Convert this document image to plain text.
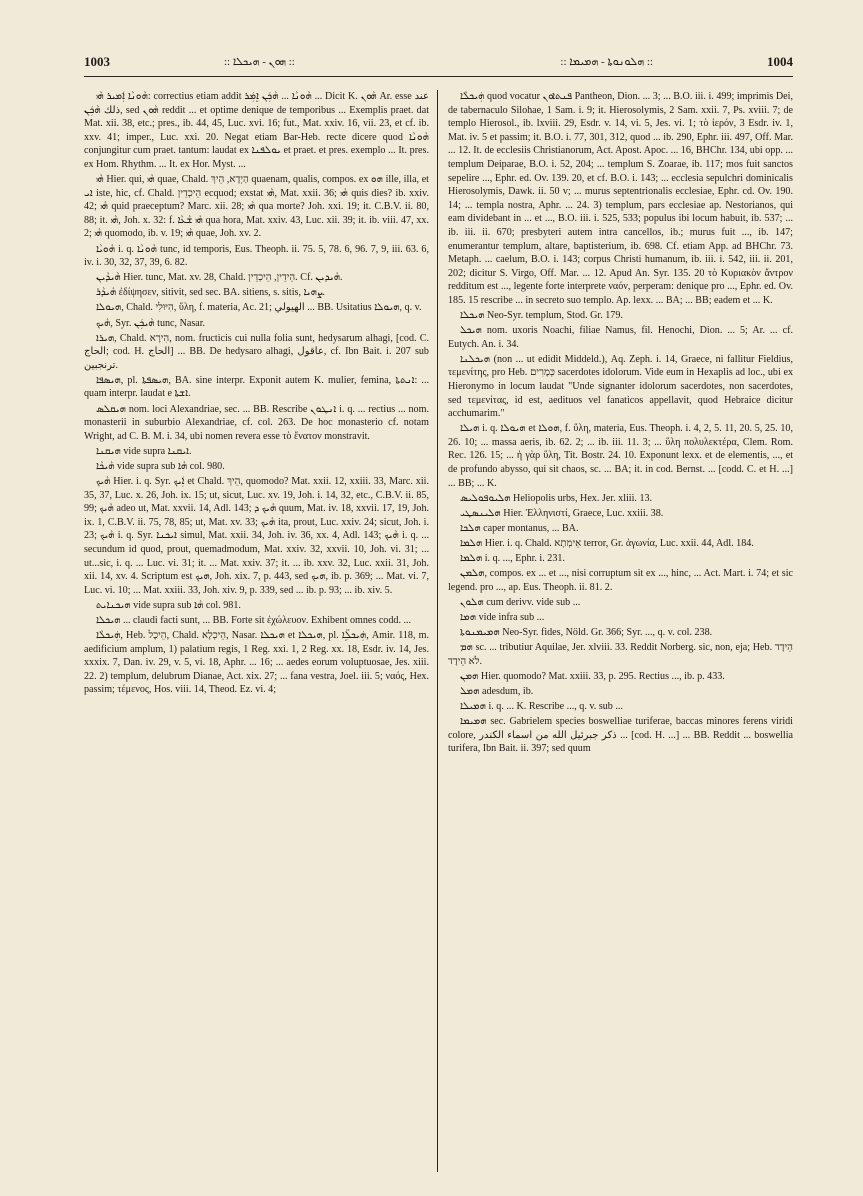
1003	:: ܗܘܢ - ܗܝܟܠܐ ::	:: ܗܠܘܢܘܬܐ - ܗܡܝܡܐ ::	1004

ܗܵܘܢܵܐ ܐܲܡܝܪ ܗܵܝ: correctius etiam addit ܗܵܘܢܵܐ ... ܗܵܟܲܢ ܐܸܡܲܪ ... Dicit K. ܗܵܘܢ Ar. esse عند ذلك ܗܵܟܲܢ, sed ܗܵܘܢ reddit ... et optime denique de temporibus ... Exemplis praet. dat Mat. xii. 38, etc.; pres., ib. 44, 45, Luc. xvi. 16; fut., Mat. xxiv. 16, vii. 23, et cf. ib. xxv. 41; imper., Luc. xxi. 20. Negat etiam Bar-Heb. recte dicere quod ܗܵܘܢܵܐ conjungitur cum praet. tantum: laudat ex ܝܘܠܦܢܐ et praet. et pres. exemplo ... It. pres. ex Hom. Rhythm. ... It. ex Hor. Myst. ...

ܗܵܝ Hier. qui, ܗܵܝ quae, Chald. הַיְדָא, הֵיךְ quaenam, qualis, compos. ex ܗܘ ille, illa, et ܐܝ iste, hic, cf. Chald. הֵיכְדֵין ecquod; exstat ܗܵܝ, Mat. xxii. 36; ܗܵܝ quis dies? ib. xxiv. 42; ܗܵܝ quid praeceptum? Marc. xii. 28; ܗܵܝ qua morte? Joh. xxi. 19; it. C.B.V. ii. 80, 88; it. ܗܵܝ, Joh. x. 32: f. ܗܵܝ ܫܵܥܵܐ qua hora, Mat. xxiv. 43, Luc. xii. 39; it. ib. viii. 47, xx. 2; ܗܵܝ quomodo, ib. v. 19; ܗܵܝ quae, Joh. xv. 2.

ܗܵܘܝܵܐ i. q. ܗܵܘܢܵܐ tunc, id temporis, Eus. Theoph. ii. 75. 5, 78. 6, 96. 7, 9, iii. 63. 6, iv. i. 30, 32, 37, 39, 6. 82.

ܗܵܝܕܵܝܢ Hier. tunc, Mat. xv. 28, Chald. הֵידֵין, הֵיכְדֵין. Cf. ܗܵܝܕܝܢ.

ܗܵܝܕܵܪ ἐδίψησεν, sitivit, sed sec. BA. sitiens, s. sitis, ܨܗܝܐ.

ܗܝܘܠܐ, Chald. הִיּוּלִי, ὕλη, f. materia, Ac. 21; الهيولي ... BB. Usitatius ܗܝܘܠܐ, q. v.

ܗܵܝܟ, Syr. ܗܵܝܟܲܢ tunc, Nasar.

ܗܝܪܐ, Chald. הִירָא, nom. fructicis cui nulla folia sunt, hedysarum alhagi, [cod. C. الحاج; cod. H. الحاج] ... BB. De hedysaro alhagi, عاقول, cf. Ibn Bait. i. 207 sub ترنجبين.

ܗܝܣܦܐ, pl. ܗܝܣܦܬܐ, BA. sine interpr. Exponit autem K. mulier, femina, ܐܢܬܬܐ: ... quam interpr. laudat e ܐܫܬܐ.

ܗܝܩܠܣ nom. loci Alexandriae, sec. ... BB. Rescribe ܐܢܛܘܢ i. q. ... rectius ... nom. monasterii in suburbio Alexandriae, cf. col. 263. De hoc monasterio cf. notam Wright, ad C. B. M. i. 34, ubi nomen revera esse τὸ ἔνατον monstravit.

ܗܝܩܢܐ vide supra ܐܝܩܢܐ.

ܗܵܝܟܵܐ vide supra sub ܗܵܐ col. 980.

ܗܵܝܟ Hier. i. q. Syr. ܐܲܝܟ et Chald. הֵיךְ, quomodo? Mat. xxii. 12, xxiii. 33, Marc. xii. 35, 37, Luc. x. 26, Joh. ix. 15; ut, sicut, Luc. xv. 19, Joh. i. 14, 32, etc., C.B.V. ii. 85, 99; ܗܵܝܟ adeo ut, Mat. xxvii. 14, Adl. 143; ܗܵܝܟ ܕ quum, Mat. iv. 18, xxvii. 17, 19, Joh. ix. 1, C.B.V. ii. 75, 78, 85; ut, Mat. xv. 33; ܗܵܝܟ ita, prout, Luc. xxiv. 24; sicut, Joh. i. 23; ܗܵܝܟ i. q. Syr. ܐܝܟܢܐ simul, Mat. xxii. 34, Joh. iv. 36, xx. 4, Adl. 143; ܗܵܝܟ i. q. ... secundum id quod, prout, quemadmodum, Mat. xxiv. 32, xxvii. 10, Joh. vi. 31; ... ut...sic, i. q. ... Luc. vi. 31; it. ... Mat. xxiv. 37; it. ... ib. xxv. 32, Luc. xxii. 31, Joh. xii. 14, xv. 4. Scriptum est ܗܝܟ, Joh. xix. 7, p. 443, sed ܗܝܟ, ib. p. 369; ... Mat. vi. 7, Luc. vi. 10; ... Mat. xxiii. 33, Joh. xiv. 9, p. 339, sed ... ib. p. 93; ... ib. xiv. 5.

ܗܝܟܢܐܝܬ vide supra sub ܗܵܐ col. 981.

ܗܝܟܠܐ ... claudi facti sunt, ... BB. Forte sit ἐχώλευον. Exhibent omnes codd. ...

ܗܲܝܟܠܵܐ, Heb. הֵיכָל, Chald. הֵיכְלָא, Nasar. ܗܝܟܠܐ et ܗܝܟܠܐ, pl. ܗܲܝܟܠܹ̈ܐ, Amir. 118, m. aedificium amplum, 1) palatium regis, 1 Reg. xxi. 1, 2 Reg. xx. 18, Esdr. iv. 14, Jes. xxxix. 7, Dan. iv. 29, v. 5, vi. 18, Aphr. ... 16; ... aedes eorum voluptuosae, Jes. xiii. 22. 2) templum, delubrum Dianae, Act. xix. 27; ... fana vestra, Joel. iii. 5; ναός, Hex. passim; τέμενος, Hos. viii. 14, Theod. Ez. vi. 4;

ܗܲܝܟܠܵܐ quod vocatur ܦܢܬܐܘܢ Pantheon, Dion. ... 3; ... B.O. iii. i. 499; imprimis Dei, de tabernaculo Silohae, 1 Sam. i. 9; it. Hierosolymis, 2 Sam. xxii. 7, Ps. xviii. 7; de templo Hierosol., ib. lxviii. 29, Esdr. v. 14, vi. 5, Jes. vi. 1; τὸ ἱερόν, 3 Esdr. iv. 1, Mat. iv. 5 et passim; it. B.O. i. 77, 301, 312, quod ... ib. 290, Ephr. iii. 497, Off. Mar. ... 12. It. de ecclesiis Christianorum, Act. Apost. Apoc. ... 16, BHChr. 134, ubi opp. ... templum Deiparae, B.O. i. 52, 204; ... templum S. Zoarae, ib. 117; mos fuit sanctos sepelire ..., Ephr. ed. Ov. 139. 20, et cf. B.O. i. 143; ... ecclesia sepulchri dominicalis Hierosolymis, Dawk. ii. 50 v; ... murus septentrionalis ecclesiae, Ephr. cd. Ov. 190. 14; ... templa nostra, Aphr. ... 24. 3) templum, pars ecclesiae ap. Nestorianos, qui eam dividebant in ... et ..., B.O. iii. i. 525, 533; populus ibi locum habuit, ib. 537; ... ib. iii. ii. 670; presbyteri autem intra cancellos, ib.; murus fuit ..., ib. 147; enumerantur templum, altare, baptisterium, ib. 698. Cf. etiam App. ad BHChr. 73. Metaph. ... caelum, B.O. i. 143; corpus Christi humanum, ib. iii. i. 542, iii. ii. 201, 202; dicitur S. Virgo, Off. Mar. ... 12. Apud An. Syr. 135. 20 τὸ Κυριακὸν ἄντρον redditum est ..., legente forte interprete ναόν, perperam: denique pro ..., Ephr. ed. Ov. 185. 15 rescribe ... in secreto suo templo. Ap. lexx. ... BA; ... BB; eadem et ... K.

ܗܝܟܠܐ Neo-Syr. templum, Stod. Gr. 179.

ܗܝܟܠ nom. uxoris Noachi, filiae Namus, fil. Henochi, Dion. ... 5; Ar. ... cf. Eutych. An. i. 34.

ܗܝܟܠܢܐ (non ... ut edidit Middeld.), Aq. Zeph. i. 14, Graece, ni fallitur Fieldius, τεμενίτης, pro Heb. כְּמָרִים sacerdotes idolorum. Vide eum in Hexaplis ad loc., ubi ex Hieronymo in locum laudat "Unde signanter idolorum sacerdotes, non sacerdotes, sed τεμενίτας, id est, aedituos vel fanaticos appellavit, quod Hebraice dicitur acchumarim."

ܗܝܠܐ i. q. ܗܝܘܠܐ et ܗܘܠܐ, f. ὕλη, materia, Eus. Theoph. i. 4, 2, 5. 11, 20. 5, 25. 10, 26. 10; ... massa aeris, ib. 62. 2; ... ib. iii. 11. 3; ... ὕλη πολυλεκτέρα, Clem. Rom. Rec. 126. 15; ... ἡ γὰρ ὕλη, Tit. Bostr. 24. 10. Exponunt lexx. et de elementis, ..., et de profundo abysso, qui sit chaos, sc. ... BA; it. in cod. Bernst. ... [codd. C. et H. ...] ... BB; ... K.

ܗܠܝܘܦܘܠܝܣ Heliopolis urbs, Hex. Jer. xliii. 13.

ܗܠܝܢܣܛܝ Hier. Ἑλληνιστί, Graece, Luc. xxiii. 38.

ܗܠܟܐ caper montanus, ... BA.

ܗܠܡܐ Hier. i. q. Chald. אֵימְתָא terror, Gr. ἀγωνία, Luc. xxii. 44, Adl. 184.

ܗܠܡܐ i. q. ..., Ephr. i. 231.

ܗܠܡܢ, compos. ex ... et ..., nisi corruptum sit ex ..., hinc, ... Act. Mart. i. 74; et sic legend. pro ..., ap. Eus. Theoph. ii. 81. 2.

ܗܠܘܢ cum derivv. vide sub ...

ܗܡܐ vide infra sub ...

ܗܡܝܡܢܘܬܐ Neo-Syr. fides, Nöld. Gr. 366; Syr. ..., q. v. col. 238.

ܗܡ sc. ... tributiur Aquilae, Jer. xlviii. 33. Reddit Norberg. sic, non, eja; Heb. הֵידָד לֹא הֵידָד.

ܗܡܢ Hier. quomodo? Mat. xxiii. 33, p. 295. Rectius ..., ib. p. 433.

ܗܡܠ adesdum, ib.

ܗܡܝܠܐ i. q. ... K. Rescribe ..., q. v. sub ...

ܗܡܝܡܐ sec. Gabrielem species boswelliae turiferae, baccas minores ferens viridi colore, ذكر جبرئيل الله من اسماء الكندر ... [cod. H. ...] ... BB. Reddit ... boswellia turifera, Ibn Bait. ii. 397; sed quum
